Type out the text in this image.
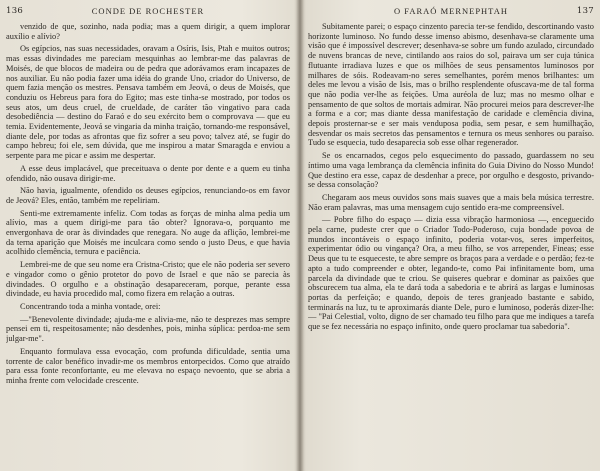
136	CONDE DE ROCHESTER

venzido de que, sozinho, nada podia; mas a quem dirigir, a quem implorar auxílio e alívio?

Os egípcios, nas suas necessidades, oravam a Osíris, Isis, Ptah e muitos outros; mas essas divindades me pareciam mesquinhas ao lembrar-me das palavras de Moisés, de que blocos de madeira ou de pedra que adorávamos eram incapazes de nos auxiliar. Eu não podia fazer uma idéia do grande Uno, criador do Universo, de quem fazia menção os mestres. Pensava também em Jeová, o deus de Moisés, que conduziu os Hebreus para fora do Egito; mas este tinha-se mostrado, por todos os seus atos, um deus cruel, de crueldade, de caráter tão vingativo para cada desobediência — destino do Faraó e do seu exército bem o comprovava — que eu temia. Evidentemente, Jeová se vingaria da minha traição, tornando-me responsável, diante dele, por todas as afrontas que fiz sofrer a seu povo; talvez até, se fugir do campo hebreu; foi ele, sem dúvida, que me inspirou a matar Smaragda e enviou a serpente para me picar e assim me despertar.

A esse deus implacável, que preceituava o dente por dente e a quem eu tinha ofendido, não ousava dirigir-me.

Não havia, igualmente, ofendido os deuses egípcios, renunciando-os em favor de Jeová? Eles, então, também me repeliriam.

Senti-me extremamente infeliz. Com todas as forças de minha alma pedia um alívio, mas a quem dirigi-me para tão obter? Ignorava-o, porquanto me envergonhava de orar às divindades que renegara. No auge da aflição, lembrei-me da terna aparição que Moisés me inculcara como sendo o justo Deus, e que havia acolhido clemência, ternura e paciência.

Lembrei-me de que seu nome era Cristna-Cristo; que ele não poderia ser severo e vingador como o gênio protetor do povo de Israel e que não se parecia às divindades. O orgulho e a obstinação desapareceram, porque, perante essa divindade, eu havia procedido mal, como fizera em relação a outras.

Concentrando toda a minha vontade, orei:

—"Benevolente divindade; ajuda-me e alivia-me, não te desprezes mas sempre pensei em ti, respeitosamente; não desdenhes, pois, minha súplica: perdoa-me sem julgar-me".

Enquanto formulava essa evocação, com profunda dificuldade, sentia uma torrente de calor benéfico invadir-me os membros entorpecidos. Como que atraído para essa fonte reconfortante, eu me elevava no espaço nevoento, que se abria a minha frente com velocidade crescente.

O FARAÓ MERNEPHTAH	137

Subitamente parei; o espaço cinzento parecia ter-se fendido, descortinando vasto horizonte luminoso. No fundo desse imenso abismo, desenhava-se claramente uma visão que é impossível descrever; desenhava-se sobre um fundo azulado, circundado de nuvens brancas de neve, cintilando aos raios do sol, pairava um ser cuja túnica flutuante irradiava luzes e que os milhões de seus pensamentos luminosos por milhares de sóis. Rodeavam-no seres semelhantes, porém menos brilhantes: um deles me levou a visão de Isis, mas o brilho resplendente ofuscava-me de tal forma que não podia ver-lhe as feições. Uma auréola de luz; mas no mesmo olhar e pensamento de que soltos de mortais admirar. Não procurei meios para descrever-lhe a forma e a cor; mas diante dessa manifestação de caridade e clemência divina, depois prosternar-se e ser mais venduposa podia, sem pesar, e sem humilhação, desvendar os mais secretos das pensamentos e ternura os meus senhores ou paraíso. Tudo se esquecia, tudo desaparecia sob esse olhar regenerador.

Se os encarnados, cegos pelo esquecimento do passado, guardassem no seu íntimo uma vaga lembrança da clemência infinita do Guia Divino do Nosso Mundo! Que destino era esse, capaz de desdenhar a prece, por orgulho e desgosto, privando-se dessa consolação?

Chegaram aos meus ouvidos sons mais suaves que a mais bela música terrestre. Não eram palavras, mas uma mensagem cujo sentido era-me compreensível.

— Pobre filho do espaço — dizia essa vibração harmoniosa —, enceguecido pela carne, pudeste crer que o Criador Todo-Poderoso, cuja bondade povoa de mundos incontáveis o espaço infinito, poderia votar-vos, seres imperfeitos, experimentar ódio ou vingança? Ora, a meu filho, se vos arrepender, Fineas; esse Deus que tu te esqueceste, te abre sempre os braços para a verdade e o perdão; fez-te apto a tudo compreender e obter, legando-te, como Pai infinitamente bom, uma parcela da divindade que te criou. Se quiseres quebrar e dominar as paixões que obscurecem tua alma, ela te dará toda a sabedoria e te abrirá as largas e luminosas portas da perfeição; e quando, depois de teres granjeado bastante e sabido, terminarás na luz, tu te aproximarás diante Dele, puro e luminoso, poderás dizer-lhe: — "Pai Celestial, volto, digno de ser chamado teu filho para que me indiques a tarefa que se fez necessária no espaço infinito, onde quero proclamar tua sabedoria".
